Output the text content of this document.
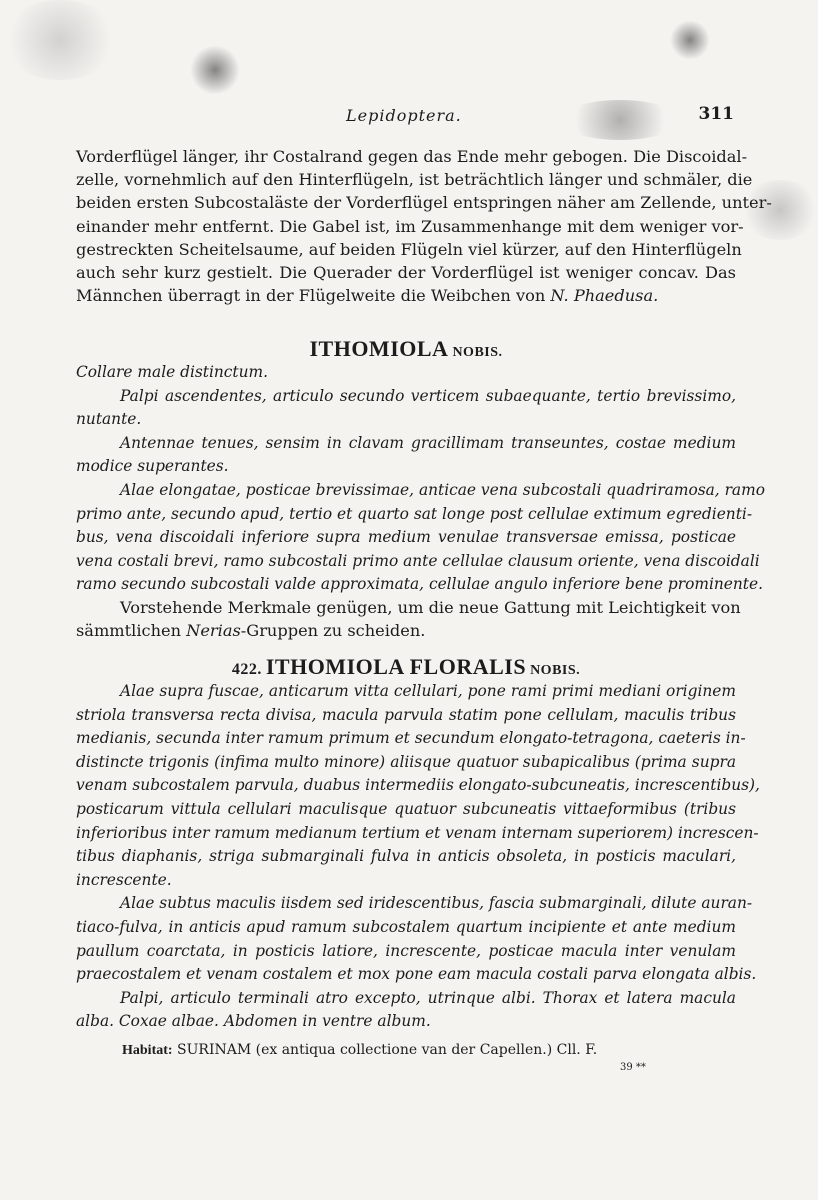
Lepidoptera.	311
Vorderflügel länger, ihr Costalrand gegen das Ende mehr gebogen. Die Discoidal-
zelle, vornehmlich auf den Hinterflügeln, ist beträchtlich länger und schmäler, die
beiden ersten Subcostaläste der Vorderflügel entspringen näher am Zellende, unter-
einander mehr entfernt. Die Gabel ist, im Zusammenhange mit dem weniger vor-
gestreckten Scheitelsaume, auf beiden Flügeln viel kürzer, auf den Hinterflügeln
auch sehr kurz gestielt. Die Querader der Vorderflügel ist weniger concav. Das
Männchen überragt in der Flügelweite die Weibchen von N. Phaedusa.
ITHOMIOLA NOBIS.
Collare male distinctum.
Palpi ascendentes, articulo secundo verticem subaequante, tertio brevissimo,
nutante.
Antennae tenues, sensim in clavam gracillimam transeuntes, costae medium
modice superantes.
Alae elongatae, posticae brevissimae, anticae vena subcostali quadriramosa, ramo
primo ante, secundo apud, tertio et quarto sat longe post cellulae extimum egredienti-
bus, vena discoidali inferiore supra medium venulae transversae emissa, posticae
vena costali brevi, ramo subcostali primo ante cellulae clausum oriente, vena discoidali
ramo secundo subcostali valde approximata, cellulae angulo inferiore bene prominente.
Vorstehende Merkmale genügen, um die neue Gattung mit Leichtigkeit von
sämmtlichen Nerias-Gruppen zu scheiden.
422. ITHOMIOLA FLORALIS NOBIS.
Alae supra fuscae, anticarum vitta cellulari, pone rami primi mediani originem
striola transversa recta divisa, macula parvula statim pone cellulam, maculis tribus
medianis, secunda inter ramum primum et secundum elongato-tetragona, caeteris in-
distincte trigonis (infima multo minore) aliisque quatuor subapicalibus (prima supra
venam subcostalem parvula, duabus intermediis elongato-subcuneatis, increscentibus),
posticarum vittula cellulari maculisque quatuor subcuneatis vittaeformibus (tribus
inferioribus inter ramum medianum tertium et venam internam superiorem) increscen-
tibus diaphanis, striga submarginali fulva in anticis obsoleta, in posticis maculari,
increscente.
Alae subtus maculis iisdem sed iridescentibus, fascia submarginali, dilute auran-
tiaco-fulva, in anticis apud ramum subcostalem quartum incipiente et ante medium
paullum coarctata, in posticis latiore, increscente, posticae macula inter venulam
praecostalem et venam costalem et mox pone eam macula costali parva elongata albis.
Palpi, articulo terminali atro excepto, utrinque albi. Thorax et latera macula
alba. Coxae albae. Abdomen in ventre album.
Habitat: SURINAM (ex antiqua collectione van der Capellen.) Cll. F.
39 **
